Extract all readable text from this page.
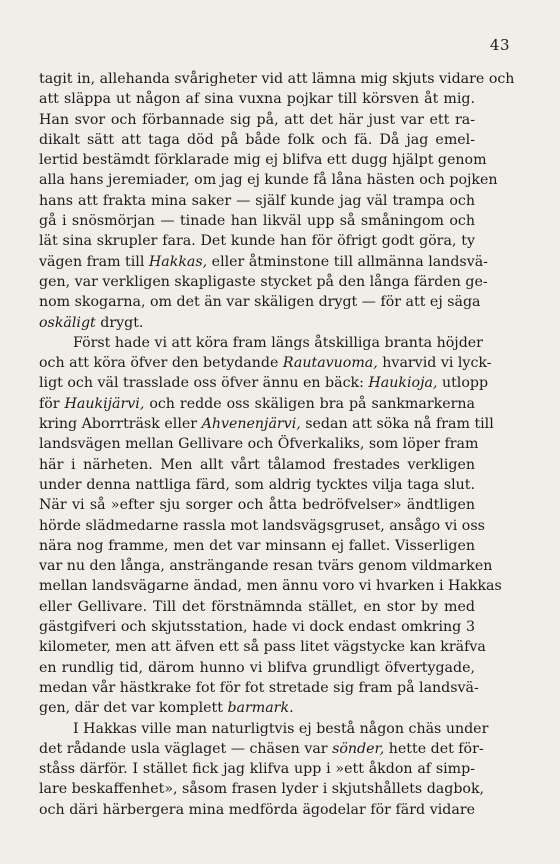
43
tagit in, allehanda svårigheter vid att lämna mig skjuts vidare och
att släppa ut någon af sina vuxna pojkar till körsven åt mig.
Han svor och förbannade sig på, att det här just var ett ra-
dikalt sätt att taga död på både folk och fä. Då jag emel-
lertid bestämdt förklarade mig ej blifva ett dugg hjälpt genom
alla hans jeremiader, om jag ej kunde få låna hästen och pojken
hans att frakta mina saker — själf kunde jag väl trampa och
gå i snösmörjan — tinade han likväl upp så småningom och
lät sina skrupler fara. Det kunde han för öfrigt godt göra, ty
vägen fram till Hakkas, eller åtminstone till allmänna landsvä-
gen, var verkligen skapligaste stycket på den långa färden ge-
nom skogarna, om det än var skäligen drygt — för att ej säga
oskäligt drygt.
Först hade vi att köra fram längs åtskilliga branta höjder
och att köra öfver den betydande Rautavuoma, hvarvid vi lyck-
ligt och väl trasslade oss öfver ännu en bäck: Haukioja, utlopp
för Haukijärvi, och redde oss skäligen bra på sankmarkerna
kring Aborrträsk eller Ahvenenjärvi, sedan att söka nå fram till
landsvägen mellan Gellivare och Öfverkaliks, som löper fram
här i närheten. Men allt vårt tålamod frestades verkligen
under denna nattliga färd, som aldrig tycktes vilja taga slut.
När vi så »efter sju sorger och åtta bedröfvelser» ändtligen
hörde slädmedarne rassla mot landsvägsgruset, ansågo vi oss
nära nog framme, men det var minsann ej fallet. Visserligen
var nu den långa, ansträngande resan tvärs genom vildmarken
mellan landsvägarne ändad, men ännu voro vi hvarken i Hakkas
eller Gellivare. Till det förstnämnda stället, en stor by med
gästgifveri och skjutsstation, hade vi dock endast omkring 3
kilometer, men att äfven ett så pass litet vägstycke kan kräfva
en rundlig tid, därom hunno vi blifva grundligt öfvertygade,
medan vår hästkrake fot för fot stretade sig fram på landsvä-
gen, där det var komplett barmark.
I Hakkas ville man naturligtvis ej bestå någon chäs under
det rådande usla väglaget — chäsen var sönder, hette det för-
ståss därför. I stället fick jag klifva upp i »ett åkdon af simp-
lare beskaffenhet», såsom frasen lyder i skjutshållets dagbok,
och däri härbergera mina medförda ägodelar för färd vidare
